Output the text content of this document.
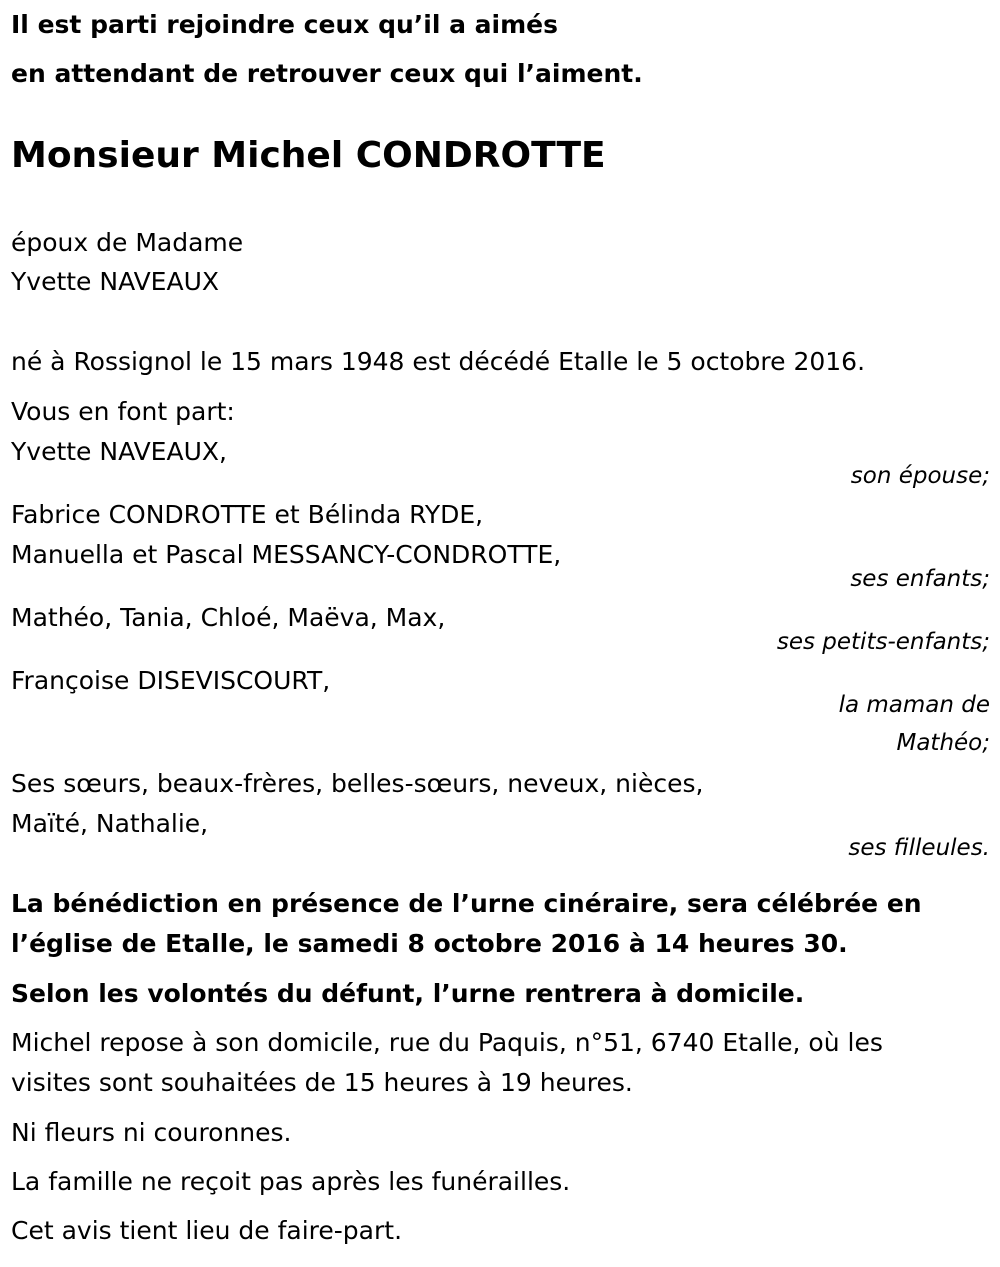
Il est parti rejoindre ceux qu’il a aimés
en attendant de retrouver ceux qui l’aiment.
Monsieur Michel CONDROTTE
époux de Madame
Yvette NAVEAUX
né à Rossignol le 15 mars 1948 est décédé Etalle le 5 octobre 2016.
Vous en font part:
Yvette NAVEAUX,
son épouse;
Fabrice CONDROTTE et Bélinda RYDE,
Manuella et Pascal MESSANCY-CONDROTTE,
ses enfants;
Mathéo, Tania, Chloé, Maëva, Max,
ses petits-enfants;
Françoise DISEVISCOURT,
la maman de
Mathéo;
Ses sœurs, beaux-frères, belles-sœurs, neveux, nièces,
Maïté, Nathalie,
ses filleules.
La bénédiction en présence de l’urne cinéraire, sera célébrée en
l’église de Etalle, le samedi 8 octobre 2016 à 14 heures 30.
Selon les volontés du défunt, l’urne rentrera à domicile.
Michel repose à son domicile, rue du Paquis, n°51, 6740 Etalle, où les
visites sont souhaitées de 15 heures à 19 heures.
Ni fleurs ni couronnes.
La famille ne reçoit pas après les funérailles.
Cet avis tient lieu de faire-part.
